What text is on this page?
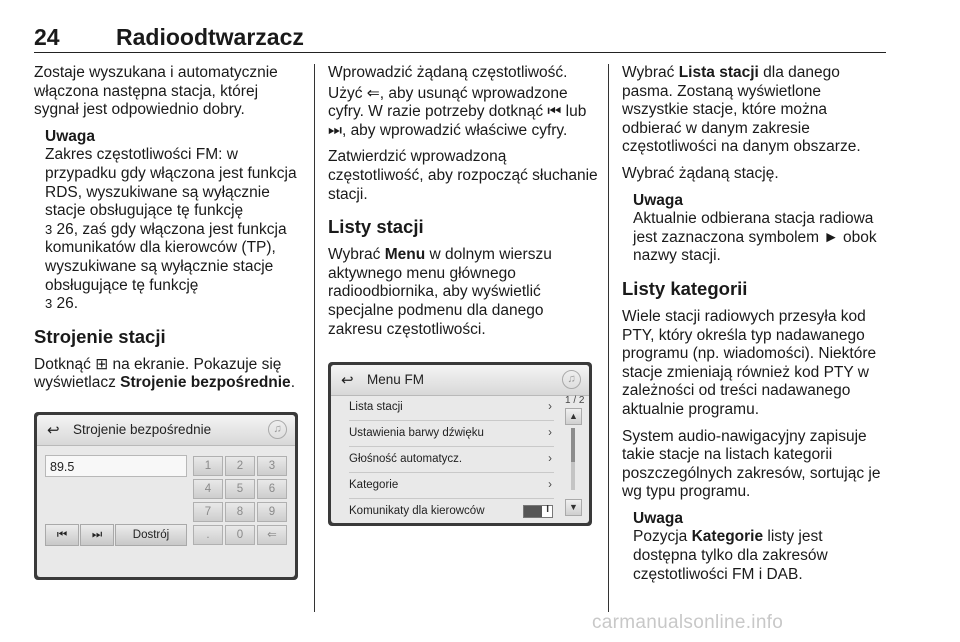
24 Radioodtwarzacz

Zostaje wyszukana i automatycznie włączona następna stacja, której sygnał jest odpowiednio dobry.

Uwaga
Zakres częstotliwości FM: w przypadku gdy włączona jest funkcja RDS, wyszukiwane są wyłącznie stacje obsługujące tę funkcję
3 26, zaś gdy włączona jest funkcja komunikatów dla kierowców (TP), wyszukiwane są wyłącznie stacje obsługujące tę funkcję
3 26.
Strojenie stacji

Dotknąć ⊞ na ekranie. Pokazuje się wyświetlacz Strojenie bezpośrednie.

↩ Strojenie bezpośrednie	♫
89.5	1	2	3
4	5	6
7	8	9
.	0	⇐
⏮	⏭	Dostrój

Wprowadzić żądaną częstotliwość.

Użyć ⇐, aby usunąć wprowadzone cyfry. W razie potrzeby dotknąć ⏮ lub ⏭, aby wprowadzić właściwe cyfry.

Zatwierdzić wprowadzoną częstotliwość, aby rozpocząć słuchanie stacji.

Listy stacji

Wybrać Menu w dolnym wierszu aktywnego menu głównego radioodbiornika, aby wyświetlić specjalne podmenu dla danego zakresu częstotliwości.

↩ Menu FM	♫
Lista stacji	›
Ustawienia barwy dźwięku	›
Głośność automatycz.	›
Kategorie	›
Komunikaty dla kierowców	I
1 / 2
▲
▼

Wybrać Lista stacji dla danego pasma. Zostaną wyświetlone wszystkie stacje, które można odbierać w danym zakresie częstotliwości na danym obszarze.

Wybrać żądaną stację.

Uwaga
Aktualnie odbierana stacja radiowa jest zaznaczona symbolem ► obok nazwy stacji.
Listy kategorii

Wiele stacji radiowych przesyła kod PTY, który określa typ nadawanego programu (np. wiadomości). Niektóre stacje zmieniają również kod PTY w zależności od treści nadawanego aktualnie programu.

System audio-nawigacyjny zapisuje takie stacje na listach kategorii poszczególnych zakresów, sortując je wg typu programu.

Uwaga
Pozycja Kategorie listy jest dostępna tylko dla zakresów częstotliwości FM i DAB.
carmanualsonline.info
